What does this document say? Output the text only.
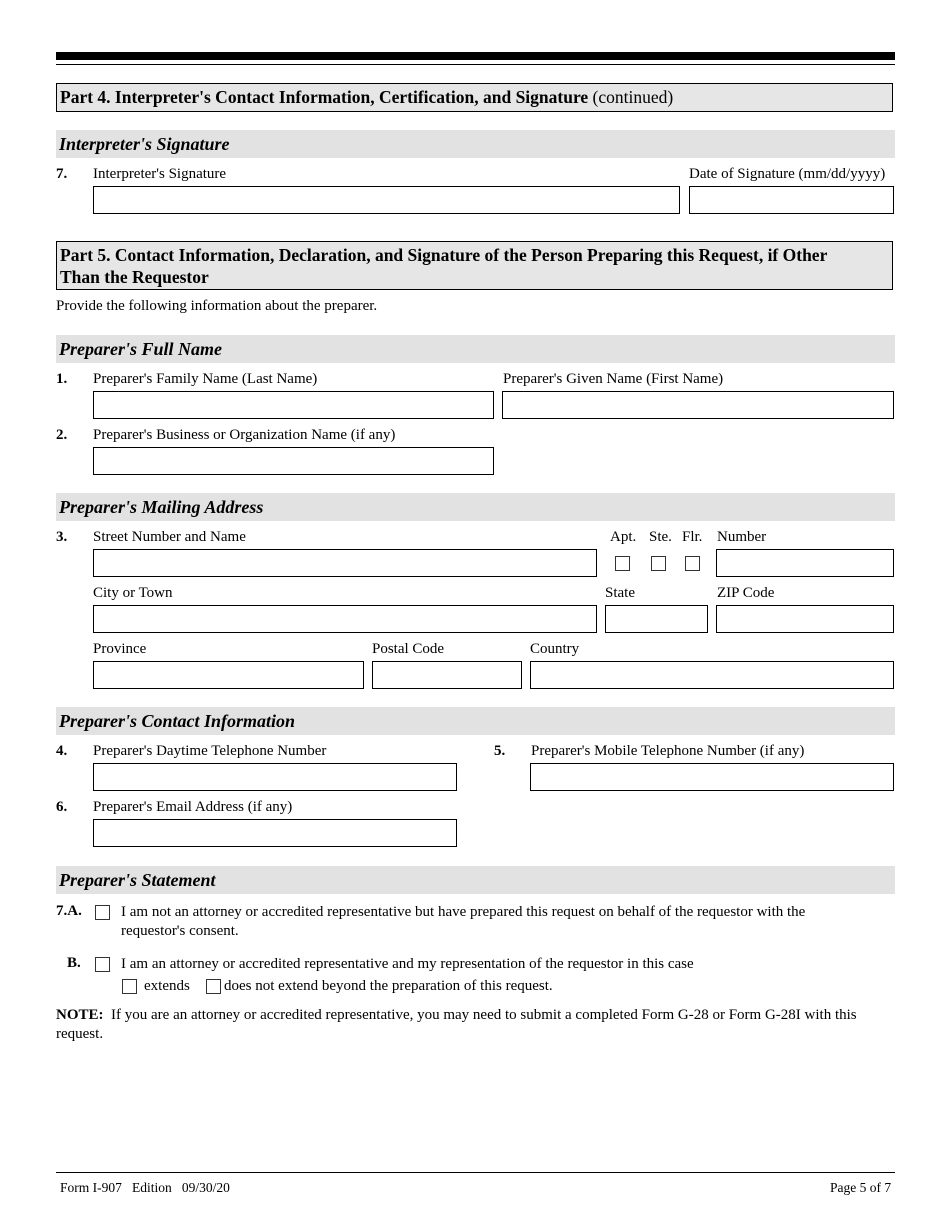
Part 4. Interpreter's Contact Information, Certification, and Signature (continued)
Interpreter's Signature
7. Interpreter's Signature	Date of Signature (mm/dd/yyyy)
Part 5. Contact Information, Declaration, and Signature of the Person Preparing this Request, if Other
Than the Requestor
Provide the following information about the preparer.
Preparer's Full Name
1. Preparer's Family Name (Last Name)	Preparer's Given Name (First Name)
2. Preparer's Business or Organization Name (if any)
Preparer's Mailing Address
3. Street Number and Name	Apt. Ste. Flr. Number
City or Town	State	ZIP Code
Province	Postal Code	Country
Preparer's Contact Information
4. Preparer's Daytime Telephone Number	5. Preparer's Mobile Telephone Number (if any)
6. Preparer's Email Address (if any)
Preparer's Statement
7.A.	I am not an attorney or accredited representative but have prepared this request on behalf of the requestor with the
requestor's consent.
B.	I am an attorney or accredited representative and my representation of the requestor in this case
extends does not extend beyond the preparation of this request.
NOTE: If you are an attorney or accredited representative, you may need to submit a completed Form G-28 or Form G-28I with this
request.
Form I-907   Edition   09/30/20	Page 5 of 7
